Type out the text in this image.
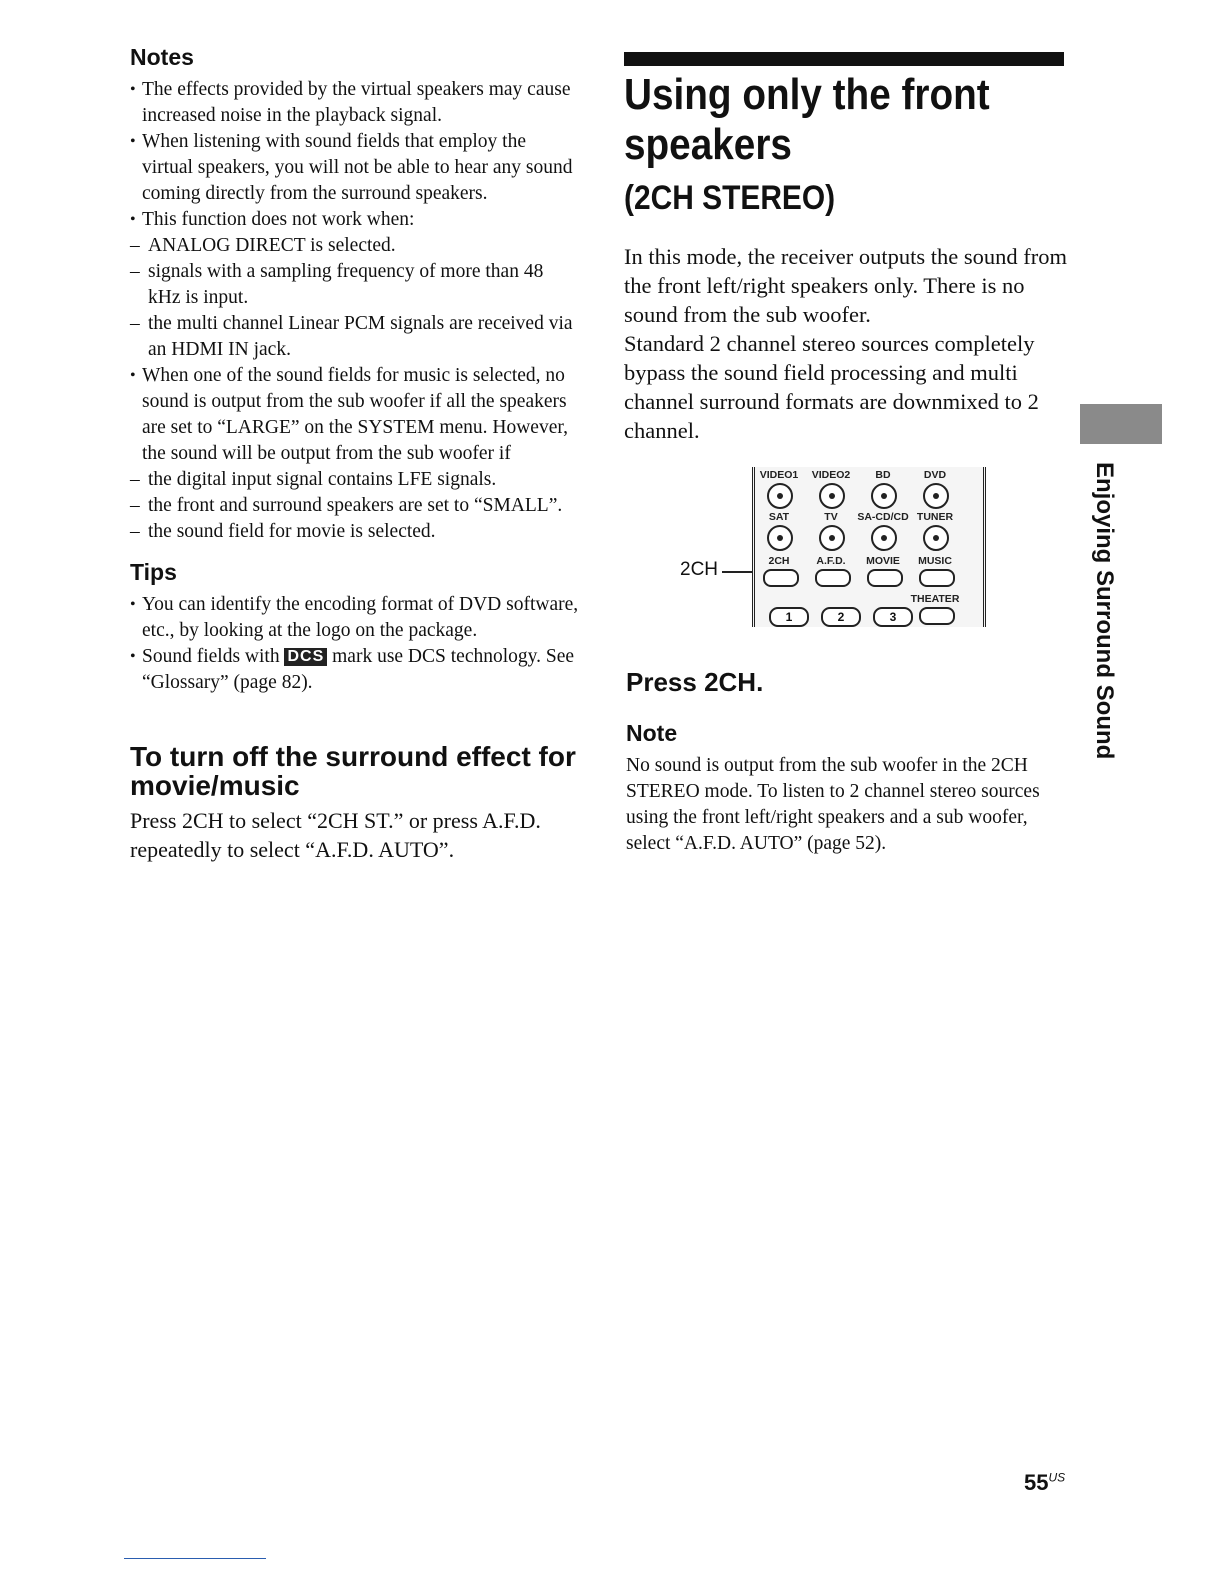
Notes
• The effects provided by the virtual speakers may cause increased noise in the playback signal.
• When listening with sound fields that employ the virtual speakers, you will not be able to hear any sound coming directly from the surround speakers.
• This function does not work when:
– ANALOG DIRECT is selected.
– signals with a sampling frequency of more than 48 kHz is input.
– the multi channel Linear PCM signals are received via an HDMI IN jack.
• When one of the sound fields for music is selected, no sound is output from the sub woofer if all the speakers are set to “LARGE” on the SYSTEM menu. However, the sound will be output from the sub woofer if
– the digital input signal contains LFE signals.
– the front and surround speakers are set to “SMALL”.
– the sound field for movie is selected.
Tips
• You can identify the encoding format of DVD software, etc., by looking at the logo on the package.
• Sound fields with DCS mark use DCS technology. See “Glossary” (page 82).
To turn off the surround effect for movie/music

Press 2CH to select “2CH ST.” or press A.F.D. repeatedly to select “A.F.D. AUTO”.

Using only the front
speakers
(2CH STEREO)

In this mode, the receiver outputs the sound from the front left/right speakers only. There is no sound from the sub woofer.
Standard 2 channel stereo sources completely bypass the sound field processing and multi channel surround formats are downmixed to 2 channel.

2CH
VIDEO1	VIDEO2	BD	DVD
SAT	TV	SA-CD/CD TUNER
2CH	A.F.D.	MOVIE	MUSIC
THEATER
1	2	3
Press 2CH.
Note

No sound is output from the sub woofer in the 2CH STEREO mode. To listen to 2 channel stereo sources using the front left/right speakers and a sub woofer, select “A.F.D. AUTO” (page 52).

Enjoying Surround Sound
$55^{US}$
